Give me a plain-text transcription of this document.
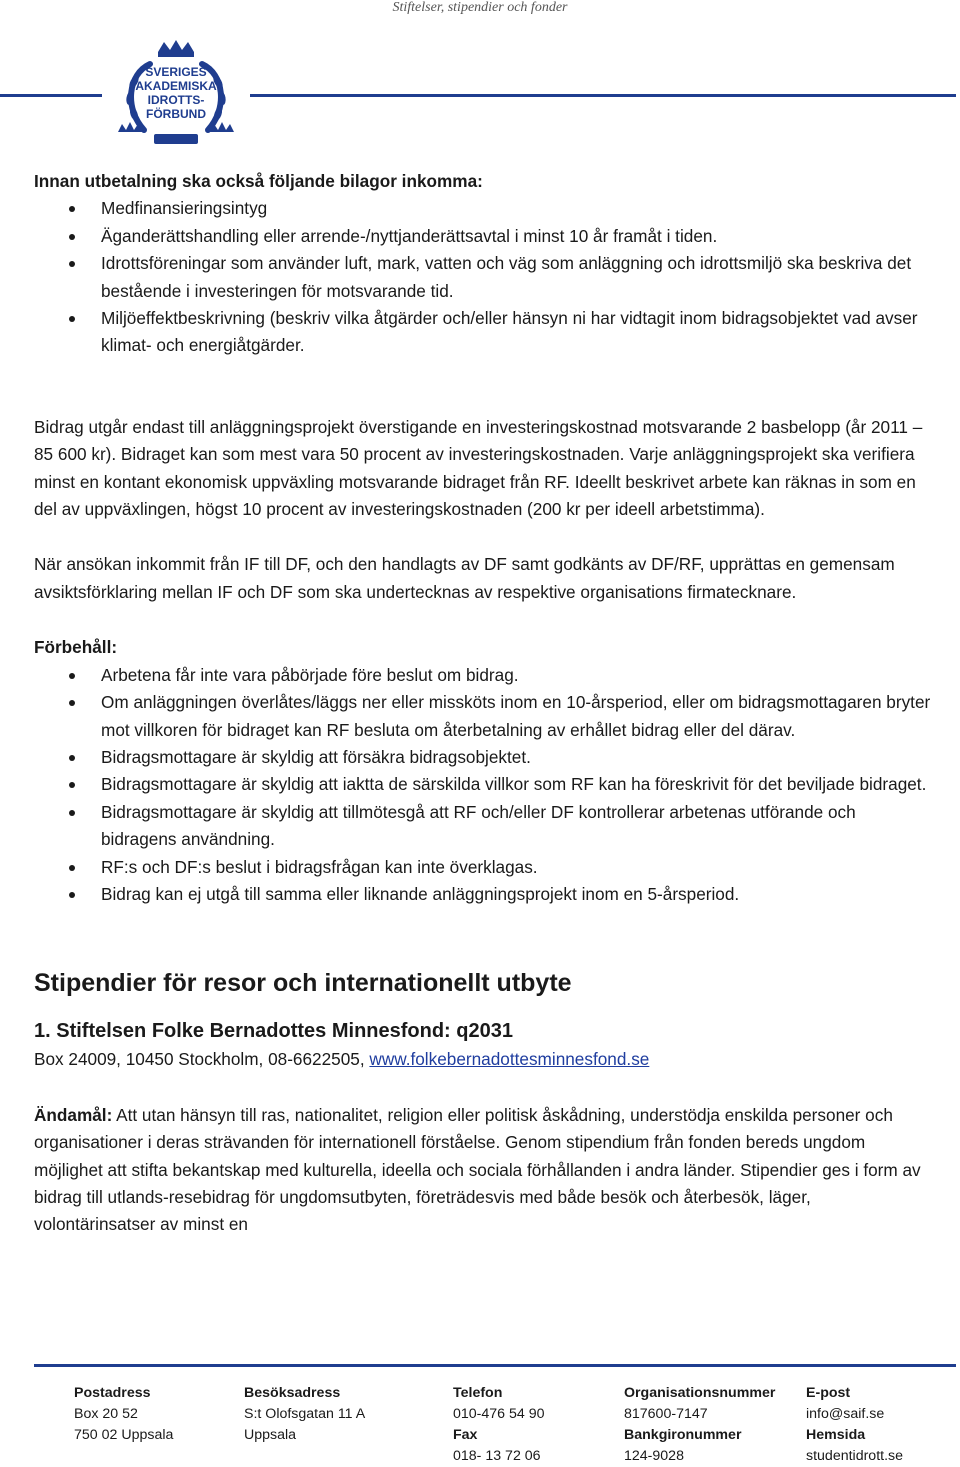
Stiftelser, stipendier och fonder
SVERIGES
AKADEMISKA
IDROTTS-
FÖRBUND

Innan utbetalning ska också följande bilagor inkomma:

Medfinansieringsintyg
Äganderättshandling eller arrende-/nyttjanderättsavtal i minst 10 år framåt i tiden.
Idrottsföreningar som använder luft, mark, vatten och väg som anläggning och idrottsmiljö ska beskriva det bestående i investeringen för motsvarande tid.
Miljöeffektbeskrivning (beskriv vilka åtgärder och/eller hänsyn ni har vidtagit inom bidragsobjektet vad avser klimat- och energiåtgärder.

Bidrag utgår endast till anläggningsprojekt överstigande en investeringskostnad motsvarande 2 basbelopp (år 2011 – 85 600 kr). Bidraget kan som mest vara 50 procent av investeringskostnaden. Varje anläggningsprojekt ska verifiera minst en kontant ekonomisk uppväxling motsvarande bidraget från RF. Ideellt beskrivet arbete kan räknas in som en del av uppväxlingen, högst 10 procent av investeringskostnaden (200 kr per ideell arbetstimma).

När ansökan inkommit från IF till DF, och den handlagts av DF samt godkänts av DF/RF, upprättas en gemensam avsiktsförklaring mellan IF och DF som ska undertecknas av respektive organisations firmatecknare.

Förbehåll:

Arbetena får inte vara påbörjade före beslut om bidrag.
Om anläggningen överlåtes/läggs ner eller missköts inom en 10-årsperiod, eller om bidragsmottagaren bryter mot villkoren för bidraget kan RF besluta om återbetalning av erhållet bidrag eller del därav.
Bidragsmottagare är skyldig att försäkra bidragsobjektet.
Bidragsmottagare är skyldig att iaktta de särskilda villkor som RF kan ha föreskrivit för det beviljade bidraget.
Bidragsmottagare är skyldig att tillmötesgå att RF och/eller DF kontrollerar arbetenas utförande och bidragens användning.
RF:s och DF:s beslut i bidragsfrågan kan inte överklagas.
Bidrag kan ej utgå till samma eller liknande anläggningsprojekt inom en 5-årsperiod.

Stipendier för resor och internationellt utbyte

1. Stiftelsen Folke Bernadottes Minnesfond: q2031

Box 24009, 10450 Stockholm, 08-6622505, www.folkebernadottesminnesfond.se

Ändamål: Att utan hänsyn till ras, nationalitet, religion eller politisk åskådning, understödja enskilda personer och organisationer i deras strävanden för internationell förståelse. Genom stipendium från fonden bereds ungdom möjlighet att stifta bekantskap med kulturella, ideella och sociala förhållanden i andra länder. Stipendier ges i form av bidrag till utlands-resebidrag för ungdomsutbyten, företrädesvis med både besök och återbesök, läger, volontärinsatser av minst en

Postadress
Box 20 52
750 02 Uppsala
Besöksadress
S:t Olofsgatan 11 A
Uppsala
Telefon
010-476 54 90
Fax
018- 13 72 06
Organisationsnummer
817600-7147
Bankgironummer
124-9028
E-post
info@saif.se
Hemsida
studentidrott.se
